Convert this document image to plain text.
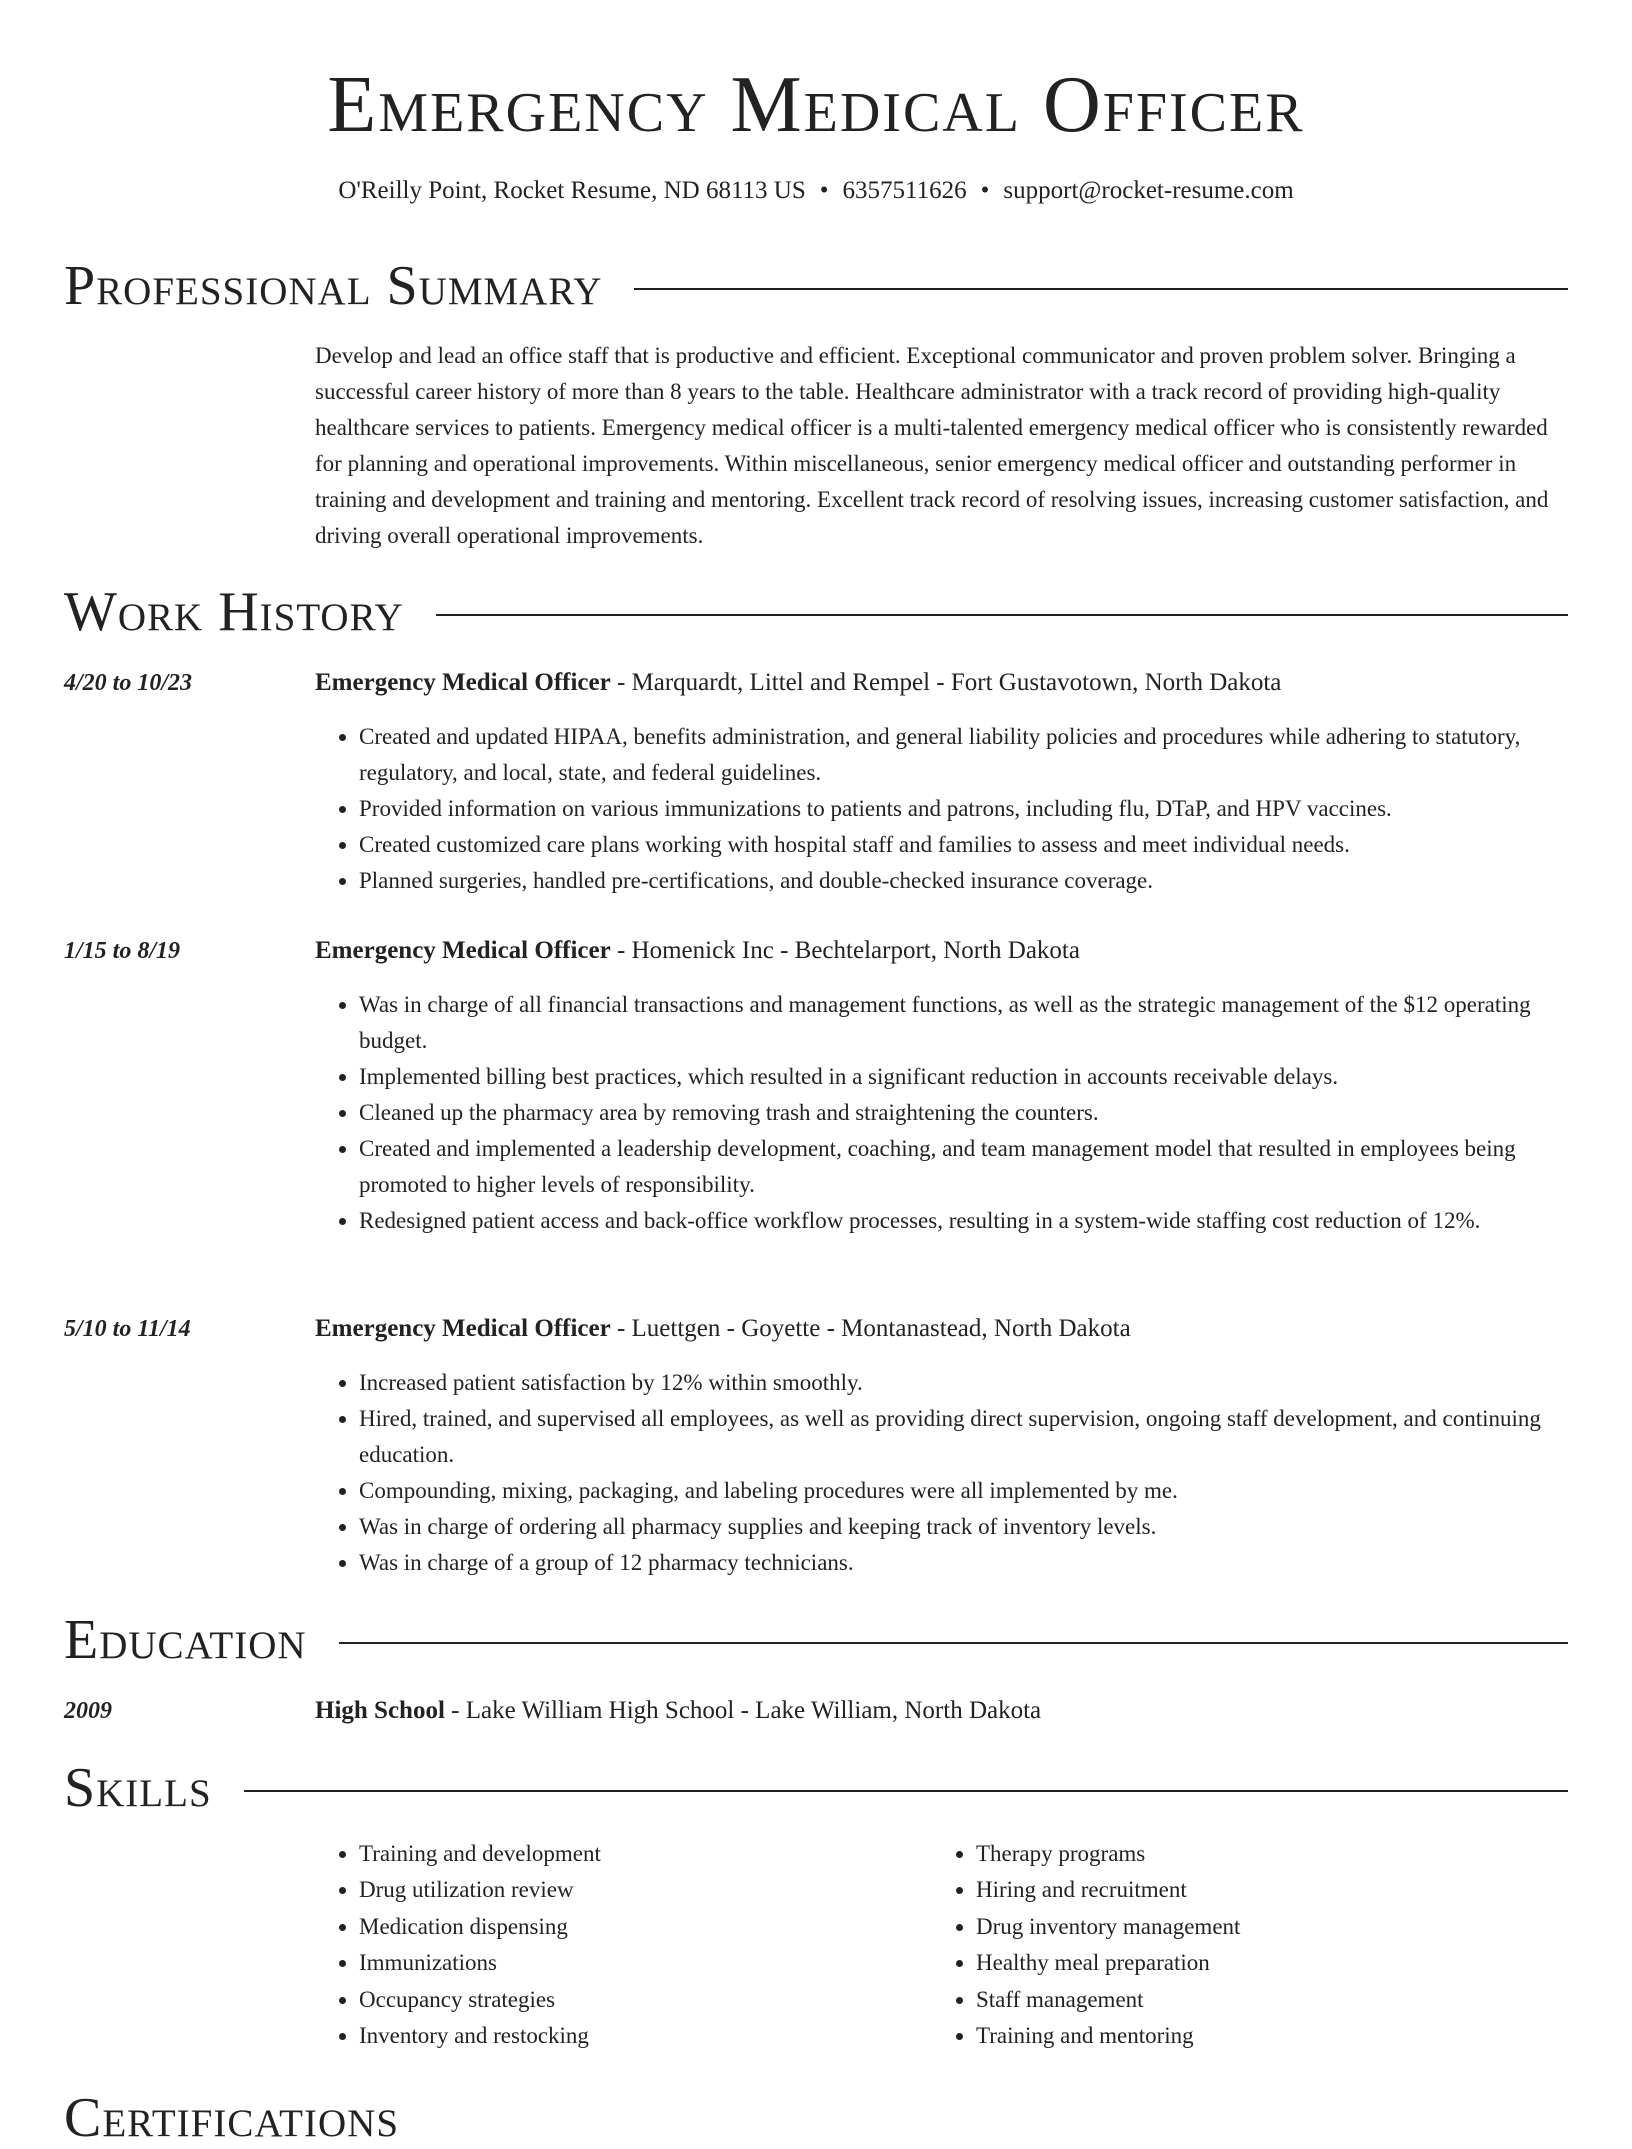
Emergency Medical Officer
O'Reilly Point, Rocket Resume, ND 68113 US • 6357511626 • support@rocket-resume.com
Professional Summary
Develop and lead an office staff that is productive and efficient. Exceptional communicator and proven problem solver. Bringing a successful career history of more than 8 years to the table. Healthcare administrator with a track record of providing high-quality healthcare services to patients. Emergency medical officer is a multi-talented emergency medical officer who is consistently rewarded for planning and operational improvements. Within miscellaneous, senior emergency medical officer and outstanding performer in training and development and training and mentoring. Excellent track record of resolving issues, increasing customer satisfaction, and driving overall operational improvements.
Work History
4/20 to 10/23	Emergency Medical Officer - Marquardt, Littel and Rempel - Fort Gustavotown, North Dakota
• Created and updated HIPAA, benefits administration, and general liability policies and procedures while adhering to statutory, regulatory, and local, state, and federal guidelines.
• Provided information on various immunizations to patients and patrons, including flu, DTaP, and HPV vaccines.
• Created customized care plans working with hospital staff and families to assess and meet individual needs.
• Planned surgeries, handled pre-certifications, and double-checked insurance coverage.
1/15 to 8/19	Emergency Medical Officer - Homenick Inc - Bechtelarport, North Dakota
• Was in charge of all financial transactions and management functions, as well as the strategic management of the $12 operating budget.
• Implemented billing best practices, which resulted in a significant reduction in accounts receivable delays.
• Cleaned up the pharmacy area by removing trash and straightening the counters.
• Created and implemented a leadership development, coaching, and team management model that resulted in employees being promoted to higher levels of responsibility.
• Redesigned patient access and back-office workflow processes, resulting in a system-wide staffing cost reduction of 12%.
5/10 to 11/14	Emergency Medical Officer - Luettgen - Goyette - Montanastead, North Dakota
• Increased patient satisfaction by 12% within smoothly.
• Hired, trained, and supervised all employees, as well as providing direct supervision, ongoing staff development, and continuing education.
• Compounding, mixing, packaging, and labeling procedures were all implemented by me.
• Was in charge of ordering all pharmacy supplies and keeping track of inventory levels.
• Was in charge of a group of 12 pharmacy technicians.
Education
2009	High School - Lake William High School - Lake William, North Dakota
Skills
• Training and development
• Drug utilization review
• Medication dispensing
• Immunizations
• Occupancy strategies
• Inventory and restocking
• Therapy programs
• Hiring and recruitment
• Drug inventory management
• Healthy meal preparation
• Staff management
• Training and mentoring
Certifications
